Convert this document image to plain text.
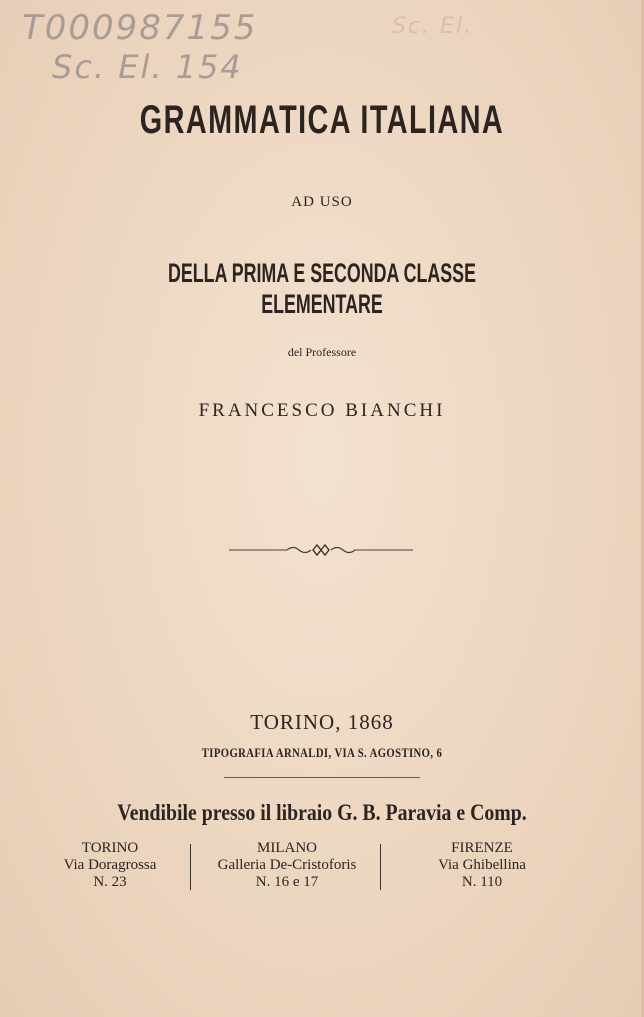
T000987155
Sc. El. 154
Sc. El.
GRAMMATICA ITALIANA
AD USO
DELLA PRIMA E SECONDA CLASSE ELEMENTARE
del Professore
FRANCESCO BIANCHI
TORINO, 1868
TIPOGRAFIA ARNALDI, VIA S. AGOSTINO, 6
Vendibile presso il libraio G. B. Paravia e Comp.
TORINO
Via Doragrossa
N. 23
MILANO
Galleria De-Cristoforis
N. 16 e 17
FIRENZE
Via Ghibellina
N. 110
